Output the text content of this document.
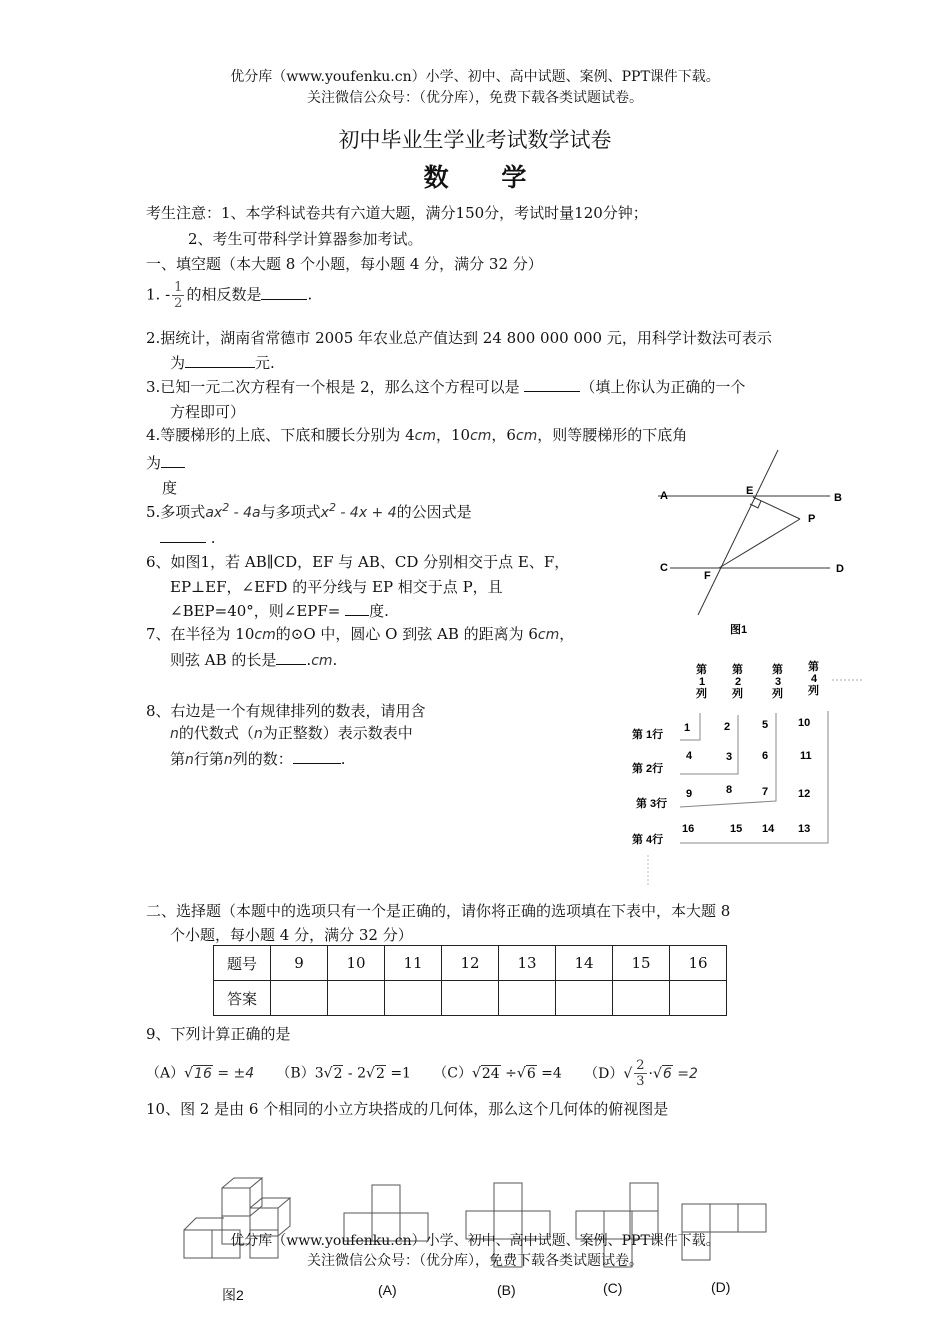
优分库（www.youfenku.cn）小学、初中、高中试题、案例、PPT课件下载。
关注微信公众号：（优分库），免费下载各类试题试卷。
初中毕业生学业考试数学试卷
数 学
考生注意：1、本学科试卷共有六道大题，满分150分，考试时量120分钟；
2、考生可带科学计算器参加考试。
一、填空题（本大题 8 个小题，每小题 4 分，满分 32 分）
1. - $\frac{1}{2}$ 的相反数是	.
2.据统计，湖南省常德市 2005 年农业总产值达到 24 800 000 000 元，用科学计数法可表示
为	元.
3.已知一元二次方程有一个根是 2，那么这个方程可以是	（填上你认为正确的一个
方程即可）
4.等腰梯形的上底、下底和腰长分别为 4cm，10cm，6cm，则等腰梯形的下底角
为
度
5.多项式$ax^2 - 4a$与多项式$x^2 - 4x + 4$的公因式是
.
6、如图1，若 AB∥CD，EF 与 AB、CD 分别相交于点 E、F，
EP⊥EF，∠EFD 的平分线与 EP 相交于点 P，且
∠BEP=40°，则∠EPF= 度.
7、在半径为 10cm的⊙O 中，圆心 O 到弦 AB 的距离为 6cm，
则弦 AB 的长是 .cm.
8、右边是一个有规律排列的数表，请用含
n的代数式（n为正整数）表示数表中
第n行第n列的数：	.
A	B
C	D
E
F
P
图1
第
1
列
第
2
列
第
3
列
第
4
列
第 1行
第 2行
第 3行
第 4行
1	2	5	10
4	3	6	11
9	8	7	12
16	15 14 13
二、选择题（本题中的选项只有一个是正确的，请你将正确的选项填在下表中，本大题 8
个小题，每小题 4 分，满分 32 分）
题号	9	10	11	12	13	14	15	16
答案								
9、下列计算正确的是
（A）√16 = ±4 （B）3√2 - 2√2 =1 （C）√24 ÷√6 =4 $(D)√ \frac{2}{3} \cdot√6 =2$
10、图 2 是由 6 个相同的小立方块搭成的几何体，那么这个几何体的俯视图是
优分库（www.youfenku.cn）小学、初中、高中试题、案例、PPT课件下载。
关注微信公众号：（优分库），免费下载各类试题试卷。
图2	(A)	(B)	(C)	(D)
